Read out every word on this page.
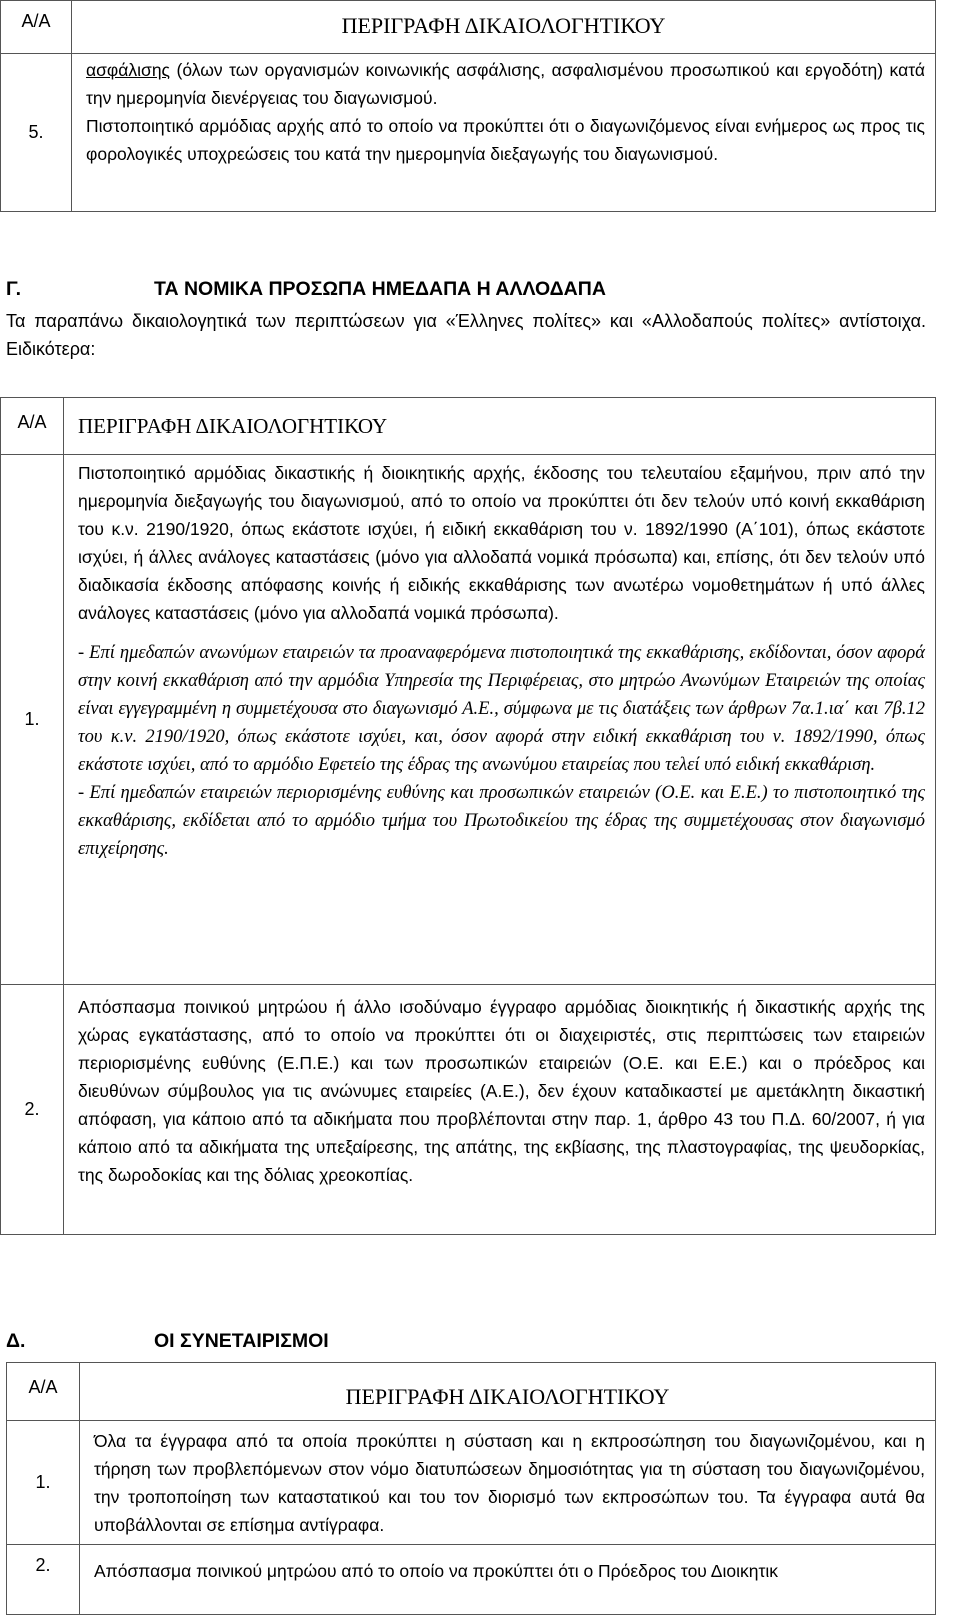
Α/Α	ΠΕΡΙΓΡΑΦΗ ΔΙΚΑΙΟΛΟΓΗΤΙΚΟΥ
5.	ασφάλισης (όλων των οργανισμών κοινωνικής ασφάλισης, ασφαλισμένου προσωπικού και εργοδότη) κατά την ημερομηνία διενέργειας του διαγωνισμού.
Πιστοποιητικό αρμόδιας αρχής από το οποίο να προκύπτει ότι ο διαγωνιζόμενος είναι ενήμερος ως προς τις φορολογικές υποχρεώσεις του κατά την ημερομηνία διεξαγωγής του διαγωνισμού.
Γ.	ΤΑ ΝΟΜΙΚΑ ΠΡΟΣΩΠΑ ΗΜΕΔΑΠΑ Η ΑΛΛΟΔΑΠΑ
Τα παραπάνω δικαιολογητικά των περιπτώσεων για «Έλληνες πολίτες» και «Αλλοδαπούς πολίτες» αντίστοιχα. Ειδικότερα:
Α/Α	ΠΕΡΙΓΡΑΦΗ ΔΙΚΑΙΟΛΟΓΗΤΙΚΟΥ
1.	Πιστοποιητικό αρμόδιας δικαστικής ή διοικητικής αρχής, έκδοσης του τελευταίου εξαμήνου, πριν από την ημερομηνία διεξαγωγής του διαγωνισμού, από το οποίο να προκύπτει ότι δεν τελούν υπό κοινή εκκαθάριση του κ.ν. 2190/1920, όπως εκάστοτε ισχύει, ή ειδική εκκαθάριση του ν. 1892/1990 (Α΄101), όπως εκάστοτε ισχύει, ή άλλες ανάλογες καταστάσεις (μόνο για αλλοδαπά νομικά πρόσωπα) και, επίσης, ότι δεν τελούν υπό διαδικασία έκδοσης απόφασης κοινής ή ειδικής εκκαθάρισης των ανωτέρω νομοθετημάτων ή υπό άλλες ανάλογες καταστάσεις (μόνο για αλλοδαπά νομικά πρόσωπα).
- Επί ημεδαπών ανωνύμων εταιρειών τα προαναφερόμενα πιστοποιητικά της εκκαθάρισης, εκδίδονται, όσον αφορά στην κοινή εκκαθάριση από την αρμόδια Υπηρεσία της Περιφέρειας, στο μητρώο Ανωνύμων Εταιρειών της οποίας είναι εγγεγραμμένη η συμμετέχουσα στο διαγωνισμό Α.Ε., σύμφωνα με τις διατάξεις των άρθρων 7α.1.ια΄ και 7β.12 του κ.ν. 2190/1920, όπως εκάστοτε ισχύει, και, όσον αφορά στην ειδική εκκαθάριση του ν. 1892/1990, όπως εκάστοτε ισχύει, από το αρμόδιο Εφετείο της έδρας της ανωνύμου εταιρείας που τελεί υπό ειδική εκκαθάριση.
- Επί ημεδαπών εταιρειών περιορισμένης ευθύνης και προσωπικών εταιρειών (Ο.Ε. και Ε.Ε.) το πιστοποιητικό της εκκαθάρισης, εκδίδεται από το αρμόδιο τμήμα του Πρωτοδικείου της έδρας της συμμετέχουσας στον διαγωνισμό επιχείρησης.

2.	Απόσπασμα ποινικού μητρώου ή άλλο ισοδύναμο έγγραφο αρμόδιας διοικητικής ή δικαστικής αρχής της χώρας εγκατάστασης, από το οποίο να προκύπτει ότι οι διαχειριστές, στις περιπτώσεις των εταιρειών περιορισμένης ευθύνης (Ε.Π.Ε.) και των προσωπικών εταιρειών (Ο.Ε. και Ε.Ε.) και ο πρόεδρος και διευθύνων σύμβουλος για τις ανώνυμες εταιρείες (Α.Ε.), δεν έχουν καταδικαστεί με αμετάκλητη δικαστική απόφαση, για κάποιο από τα αδικήματα που προβλέπονται στην παρ. 1, άρθρο 43 του Π.Δ. 60/2007, ή για κάποιο από τα αδικήματα της υπεξαίρεσης, της απάτης, της εκβίασης, της πλαστογραφίας, της ψευδορκίας, της δωροδοκίας και της δόλιας χρεοκοπίας.
Δ.	ΟΙ ΣΥΝΕΤΑΙΡΙΣΜΟΙ
Α/Α	ΠΕΡΙΓΡΑΦΗ ΔΙΚΑΙΟΛΟΓΗΤΙΚΟΥ
1.	Όλα τα έγγραφα από τα οποία προκύπτει η σύσταση και η εκπροσώπηση του διαγωνιζομένου, και η τήρηση των προβλεπόμενων στον νόμο διατυπώσεων δημοσιότητας για τη σύσταση του διαγωνιζομένου, την τροποποίηση των καταστατικού και του τον διορισμό των εκπροσώπων του. Τα έγγραφα αυτά θα υποβάλλονται σε επίσημα αντίγραφα.

2.	Απόσπασμα ποινικού μητρώου από το οποίο να προκύπτει ότι ο Πρόεδρος του Διοικητικ
